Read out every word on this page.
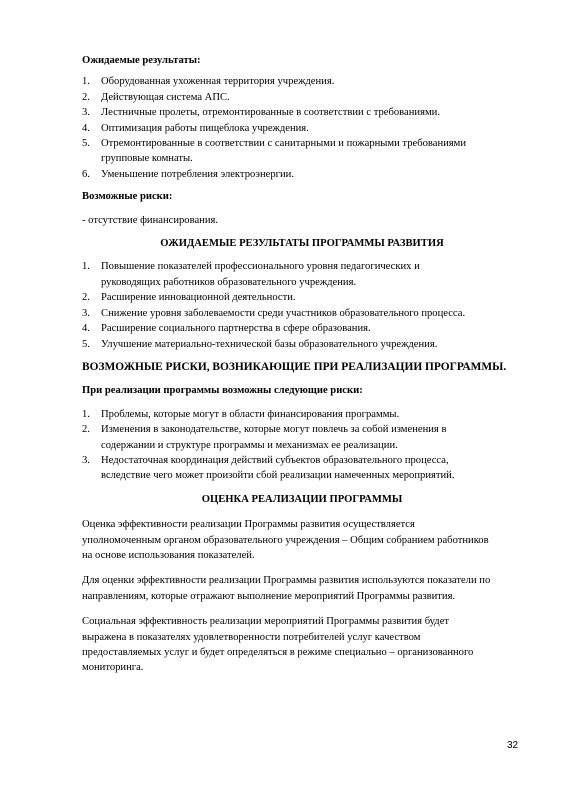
Ожидаемые результаты:

1. Оборудованная ухоженная территория учреждения.
2. Действующая система АПС.
3. Лестничные пролеты, отремонтированные в соответствии с требованиями.
4. Оптимизация работы пищеблока учреждения.
5. Отремонтированные в соответствии с санитарными и пожарными требованиями
групповые комнаты.
6. Уменьшение потребления электроэнергии.

Возможные риски:

- отсутствие финансирования.

ОЖИДАЕМЫЕ РЕЗУЛЬТАТЫ ПРОГРАММЫ РАЗВИТИЯ

1. Повышение показателей профессионального уровня педагогических и
руководящих работников образовательного учреждения.
2. Расширение инновационной деятельности.
3. Снижение уровня заболеваемости среди участников образовательного процесса.
4. Расширение социального партнерства в сфере образования.
5. Улучшение материально-технической базы образовательного учреждения.

ВОЗМОЖНЫЕ РИСКИ, ВОЗНИКАЮЩИЕ ПРИ РЕАЛИЗАЦИИ ПРОГРАММЫ.

При реализации программы возможны следующие риски:

1. Проблемы, которые могут в области финансирования программы.
2. Изменения в законодательстве, которые могут повлечь за собой изменения в
содержании и структуре программы и механизмах ее реализации.
3. Недостаточная координация действий субъектов образовательного процесса,
вследствие чего может произойти сбой реализации намеченных мероприятий.

ОЦЕНКА РЕАЛИЗАЦИИ ПРОГРАММЫ

Оценка эффективности реализации Программы развития осуществляется
уполномоченным органом образовательного учреждения – Общим собранием работников
на основе использования показателей.

Для оценки эффективности реализации Программы развития используются показатели по
направлениям, которые отражают выполнение мероприятий Программы развития.

Социальная эффективность реализации мероприятий Программы развития будет
выражена в показателях удовлетворенности потребителей услуг качеством
предоставляемых услуг и будет определяться в режиме специально – организованного
мониторинга.

32
